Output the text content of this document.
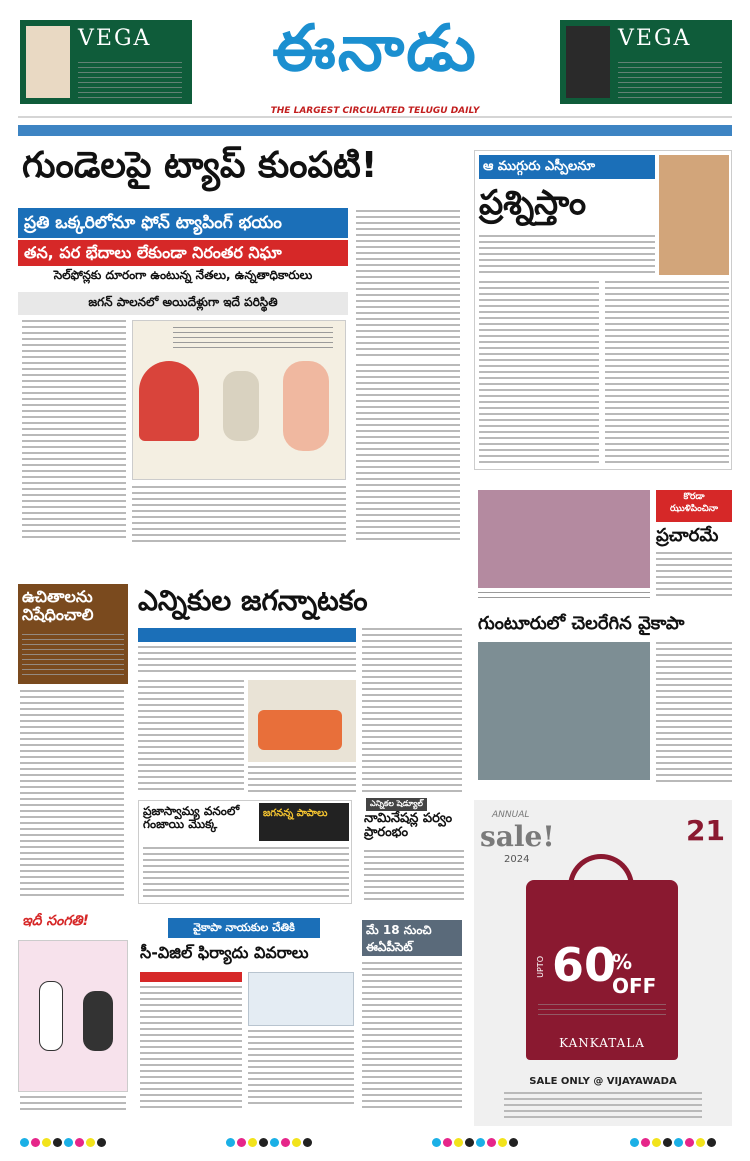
VEGA	ఈనాడు
THE LARGEST CIRCULATED TELUGU DAILY
VEGA
గుండెలపై ట్యాప్ కుంపటి!
ప్రతి ఒక్కరిలోనూ ఫోన్ ట్యాపింగ్ భయం
తన, పర భేదాలు లేకుండా నిరంతర నిఘా
సెల్‌ఫోన్లకు దూరంగా ఉంటున్న నేతలు, ఉన్నతాధికారులు
జగన్ పాలనలో అయిదేళ్లుగా ఇదే పరిస్థితి
ఆ ముగ్గురు ఎస్పీలనూ
ప్రశ్నిస్తాం
కొరడా ఝుళిపించినా
ప్రచారమే
గుంటూరులో చెలరేగిన వైకాపా
ఉచితాలను నిషేధించాలి	ఎన్నికుల జగన్నాటకం
ప్రజాస్వామ్య వనంలో గంజాయి మొక్క
జగనన్న పాపాలు
ఎన్నికల షెడ్యూల్
నామినేషన్ల పర్వం ప్రారంభం
ఇదీ సంగతి!	వైకాపా నాయకుల చేతికి
సీ-విజిల్ ఫిర్యాదు వివరాలు
మే 18 నుంచి ఈఏపీసెట్
ANNUAL
sale!
2024
21
UPTO 60
% OFF
KANKATALA
SALE ONLY @ VIJAYAWADA
